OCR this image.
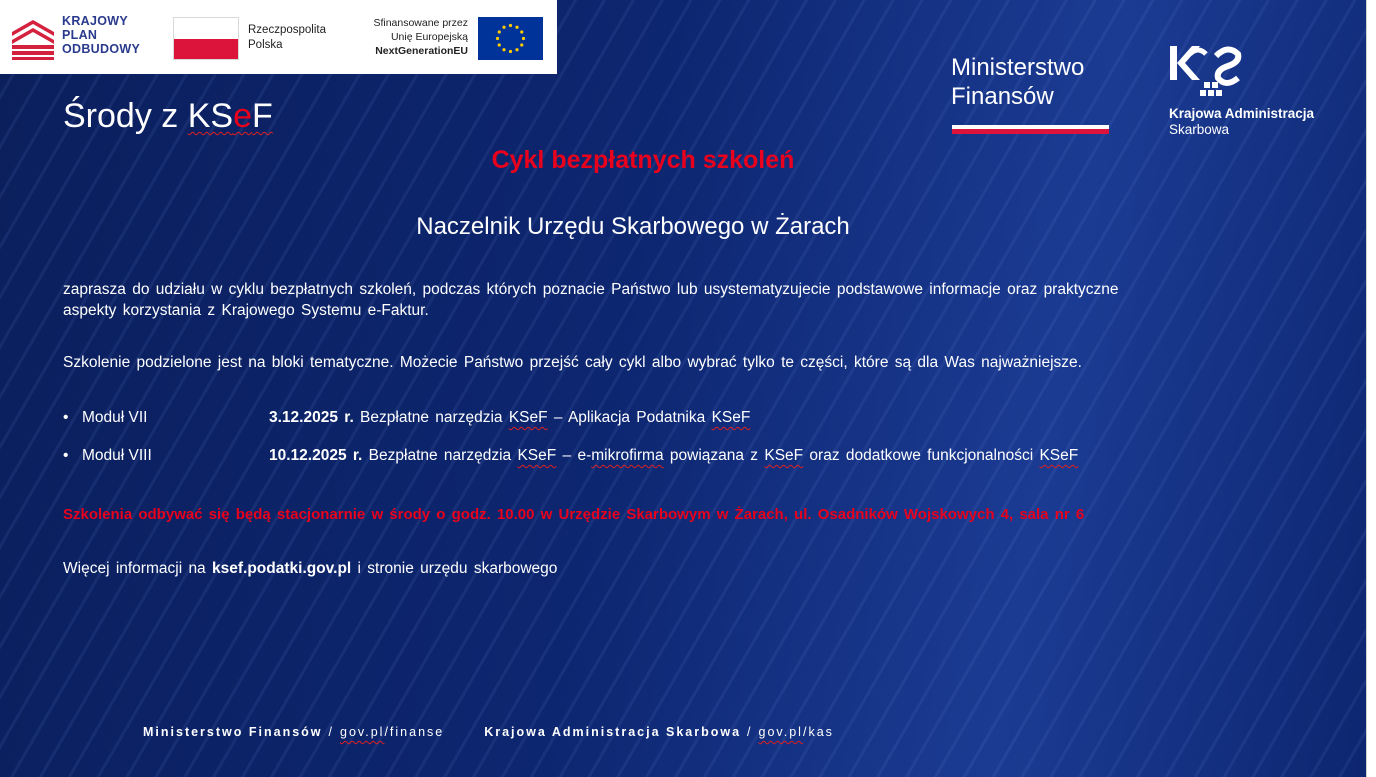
KRAJOWY
PLAN
ODBUDOWY
Rzeczpospolita
Polska
Sfinansowane przez
Unię Europejską
NextGenerationEU
Ministerstwo
Finansów
Krajowa Administracja
Skarbowa
Środy z KSeF
Cykl bezpłatnych szkoleń
Naczelnik Urzędu Skarbowego w Żarach
zaprasza do udziału w cyklu bezpłatnych szkoleń, podczas których poznacie Państwo lub usystematyzujecie podstawowe informacje oraz praktyczne aspekty korzystania z Krajowego Systemu e-Faktur.
Szkolenie podzielone jest na bloki tematyczne. Możecie Państwo przejść cały cykl albo wybrać tylko te części, które są dla Was najważniejsze.
• Moduł VII	3.12.2025 r. Bezpłatne narzędzia KSeF – Aplikacja Podatnika KSeF
• Moduł VIII	10.12.2025 r. Bezpłatne narzędzia KSeF – e-mikrofirma powiązana z KSeF oraz dodatkowe funkcjonalności KSeF
Szkolenia odbywać się będą stacjonarnie w środy o godz. 10.00 w Urzędzie Skarbowym w Żarach, ul. Osadników Wojskowych 4, sala nr 6
Więcej informacji na ksef.podatki.gov.pl i stronie urzędu skarbowego
Ministerstwo Finansów / gov.pl/finanse	Krajowa Administracja Skarbowa / gov.pl/kas
